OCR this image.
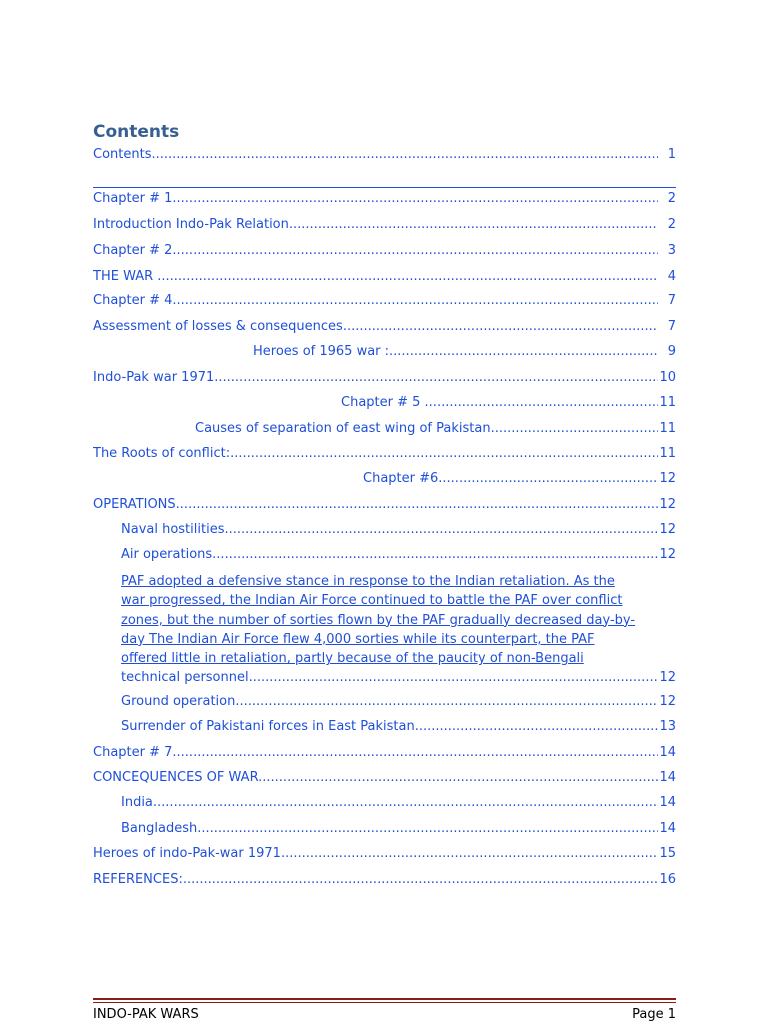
Contents
Contents .....	1
Chapter # 1 .....	2
Introduction Indo-Pak Relation .....	2
Chapter # 2 .....	3
THE WAR .....	4
Chapter # 4 .....	7
Assessment of losses & consequences .....	7
Heroes of 1965 war : .....	9
Indo-Pak war 1971 .....	10
Chapter # 5 .....	11
Causes of separation of east wing of Pakistan .....	11
The Roots of conflict: .....	11
Chapter #6 .....	12
OPERATIONS .....	12
Naval hostilities .....	12
Air operations .....	12
PAF adopted a defensive stance in response to the Indian retaliation. As the
war progressed, the Indian Air Force continued to battle the PAF over conflict
zones, but the number of sorties flown by the PAF gradually decreased day-by-
day The Indian Air Force flew 4,000 sorties while its counterpart, the PAF
offered little in retaliation, partly because of the paucity of non-Bengali
technical personnel .....	12
Ground operation .....	12
Surrender of Pakistani forces in East Pakistan .....	13
Chapter # 7 .....	14
CONCEQUENCES OF WAR .....	14
India .....	14
Bangladesh .....	14
Heroes of indo-Pak-war 1971 .....	15
REFERENCES: .....	16
INDO-PAK WARS	Page 1
